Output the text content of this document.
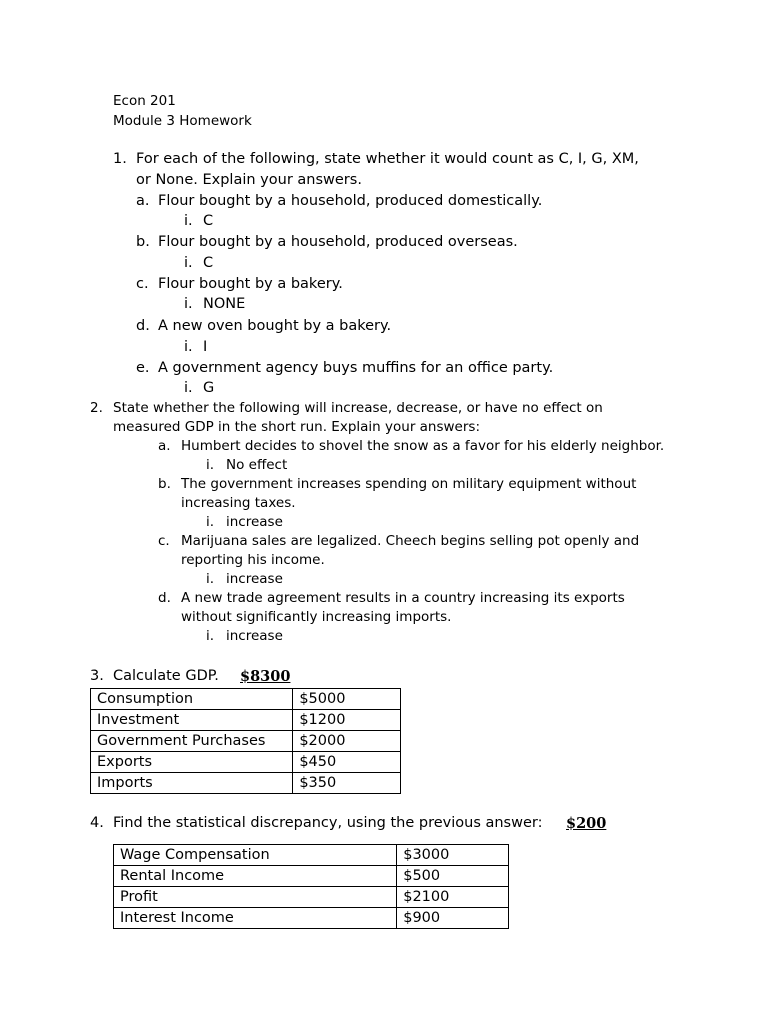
Econ 201
Module 3 Homework
1. For each of the following, state whether it would count as C, I, G, XM,
or None. Explain your answers.
a. Flour bought by a household, produced domestically.
i. C
b. Flour bought by a household, produced overseas.
i. C
c. Flour bought by a bakery.
i. NONE
d. A new oven bought by a bakery.
i. I
e. A government agency buys muffins for an office party.
i. G
2. State whether the following will increase, decrease, or have no effect on
measured GDP in the short run. Explain your answers:
a. Humbert decides to shovel the snow as a favor for his elderly neighbor.
i. No effect
b. The government increases spending on military equipment without
increasing taxes.
i. increase
c. Marijuana sales are legalized. Cheech begins selling pot openly and
reporting his income.
i. increase
d. A new trade agreement results in a country increasing its exports
without significantly increasing imports.
i. increase
3. Calculate GDP. $8300
Consumption	$5000
Investment	$1200
Government Purchases	$2000
Exports	$450
Imports	$350
4. Find the statistical discrepancy, using the previous answer: $200
Wage Compensation	$3000
Rental Income	$500
Profit	$2100
Interest Income	$900
